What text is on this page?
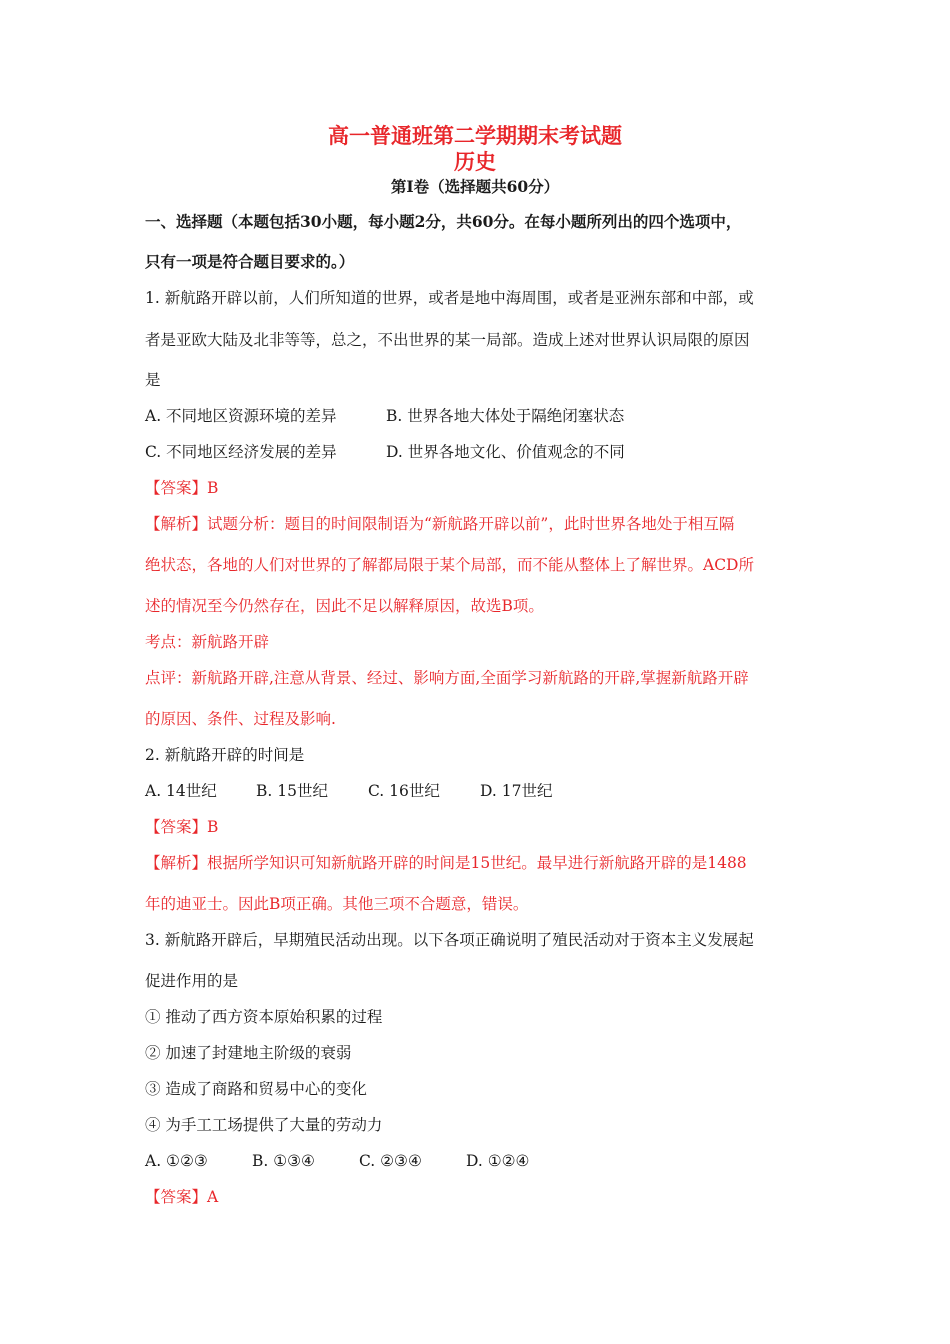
高一普通班第二学期期末考试题
历史
第Ⅰ卷（选择题共60分）
一、选择题（本题包括30小题，每小题2分，共60分。在每小题所列出的四个选项中，
只有一项是符合题目要求的。）
1. 新航路开辟以前，人们所知道的世界，或者是地中海周围，或者是亚洲东部和中部，或
者是亚欧大陆及北非等等，总之，不出世界的某一局部。造成上述对世界认识局限的原因
是
A. 不同地区资源环境的差异	B. 世界各地大体处于隔绝闭塞状态
C. 不同地区经济发展的差异	D. 世界各地文化、价值观念的不同
【答案】B
【解析】试题分析：题目的时间限制语为“新航路开辟以前”，此时世界各地处于相互隔
绝状态，各地的人们对世界的了解都局限于某个局部，而不能从整体上了解世界。ACD所
述的情况至今仍然存在，因此不足以解释原因，故选B项。
考点：新航路开辟
点评：新航路开辟,注意从背景、经过、影响方面,全面学习新航路的开辟,掌握新航路开辟
的原因、条件、过程及影响.
2. 新航路开辟的时间是
A. 14世纪	B. 15世纪	C. 16世纪	D. 17世纪
【答案】B
【解析】根据所学知识可知新航路开辟的时间是15世纪。最早进行新航路开辟的是1488
年的迪亚士。因此B项正确。其他三项不合题意，错误。
3. 新航路开辟后，早期殖民活动出现。以下各项正确说明了殖民活动对于资本主义发展起
促进作用的是
① 推动了西方资本原始积累的过程
② 加速了封建地主阶级的衰弱
③ 造成了商路和贸易中心的变化
④ 为手工工场提供了大量的劳动力
A. ①②③	B. ①③④	C. ②③④	D. ①②④
【答案】A
